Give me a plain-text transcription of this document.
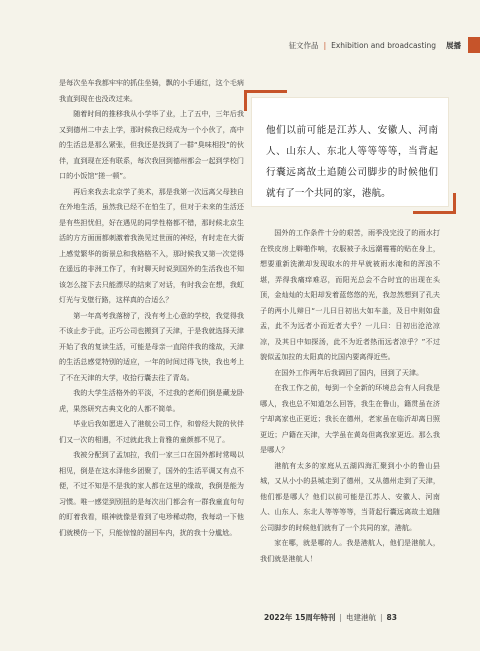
征文作品 | Exhibition and broadcasting 展播

是每次坐车我都牢牢的抓住坐骑，飘的小手通红，这个毛病我直到现在也没改过来。

随着时间的推移我从小学毕了业，上了五中，三年后我又到德州二中去上学，那时候我已经成为一个小伙了，高中的生活总是那么紧张，但我还是找到了一群“臭味相投”的伙伴，直到现在还有联系，每次我回到德州都会一起到学校门口的小饭馆“搓一顿”。

再后来我去北京学了美术，那是我第一次远离父母独自在外地生活，虽然我已经不在怕生了，但对于未来的生活还是有些担忧但，好在遇见的同学性格都不错，那时候北京生活的方方面面都刺激着我涣见过世面的神经，有时走在大街上感觉繁华的街景总和我格格不入，那时候我又第一次觉得在遥远的非洲工作了，有时聊天时说到国外的生活我也不知该怎么接下去只能漂尽的结束了对话，有时我会在想，我虹灯光与戈壁行路，这样真的合适么？

第一年高考我落榜了，没有考上心意的学校，我觉得我不该止步于此，正巧公司也搬到了天津，于是我就选择天津开始了我的复读生活，可能是母亲一直陪伴我的缘故，天津的生活总感觉特别的适应，一年的时间过得飞快，我也考上了不在天津的大学，收拾行囊去往了青岛。

我的大学生活格外的平淡，不过我的老师们倒是藏龙卧虎，果然研究古典文化的人都不简单。

毕业后我如愿进入了港航公司工作，和曾经大院的伙伴们又一次的相遇，不过就此我上肯雅的童颜都不见了。

我被分配到了孟加拉，我们一家三口在国外都时常喝以相见，倒是在这水泽他乡团聚了，国外的生活平调又有点不便，不过不知是不是我的家人都在这里的缘故，我倒是能为习惯。唯一感觉到别扭的是每次出门都会有一群我童直句句的盯着我看，眼神就像是看到了电珍稀动物，我每动一下他们就模仿一下，只能惊惶的溜回车内，扰的我十分尴尬。

他们以前可能是江苏人、安徽人、河南人、山东人、东北人等等等等，当背起行囊远离故土追随公司脚步的时候他们就有了一个共同的家，港航。

国外的工作条件十分的艰苦，雨季没完没了的雨水打在铁皮房上噼啪作响，衣服被子永远潮霉霉的贴在身上，想要重新洗漱却发现取水的井早就被雨水淹和的浑浊不堪，弄得我痛痒难忍，而阳光总会不合时宜的出现在头顶，金灿灿的太阳却发着蓝悠悠的光，我忽然想到了孔夫子的两小儿辩日“一儿曰日初出大如车盖，及日中则如盘盂，此不为远者小而近者大乎？一儿曰：日初出沧沧凉凉，及其日中如探汤，此不为近者热而远者凉乎？”不过貌似孟加拉的太阳真的比国内要离得近些。

在国外工作两年后我调回了国内，回到了天津。

在我工作之前，每到一个全新的环境总会有人问我是哪人，我也总不知道怎么回答，我生在鲁山，籍贯虽在济宁却离家也正更近；我长在德州，老家虽在临沂却离日照更近；户籍在天津，大学虽在黄岛但离我家更近。那么我是哪人？

港航有太多的家庭从五湖四海汇聚到小小的鲁山县城，又从小小的县城走到了德州，又从德州走到了天津，他们都是哪人？他们以前可能是江苏人、安徽人、河南人、山东人、东北人等等等等，当背起行囊远离故土追随公司脚步的时候他们就有了一个共同的家，港航。

家在哪，就是哪的人。我是港航人，他们是港航人，我们就是港航人！

2022年 15周年特刊 | 电建港航 | 83
